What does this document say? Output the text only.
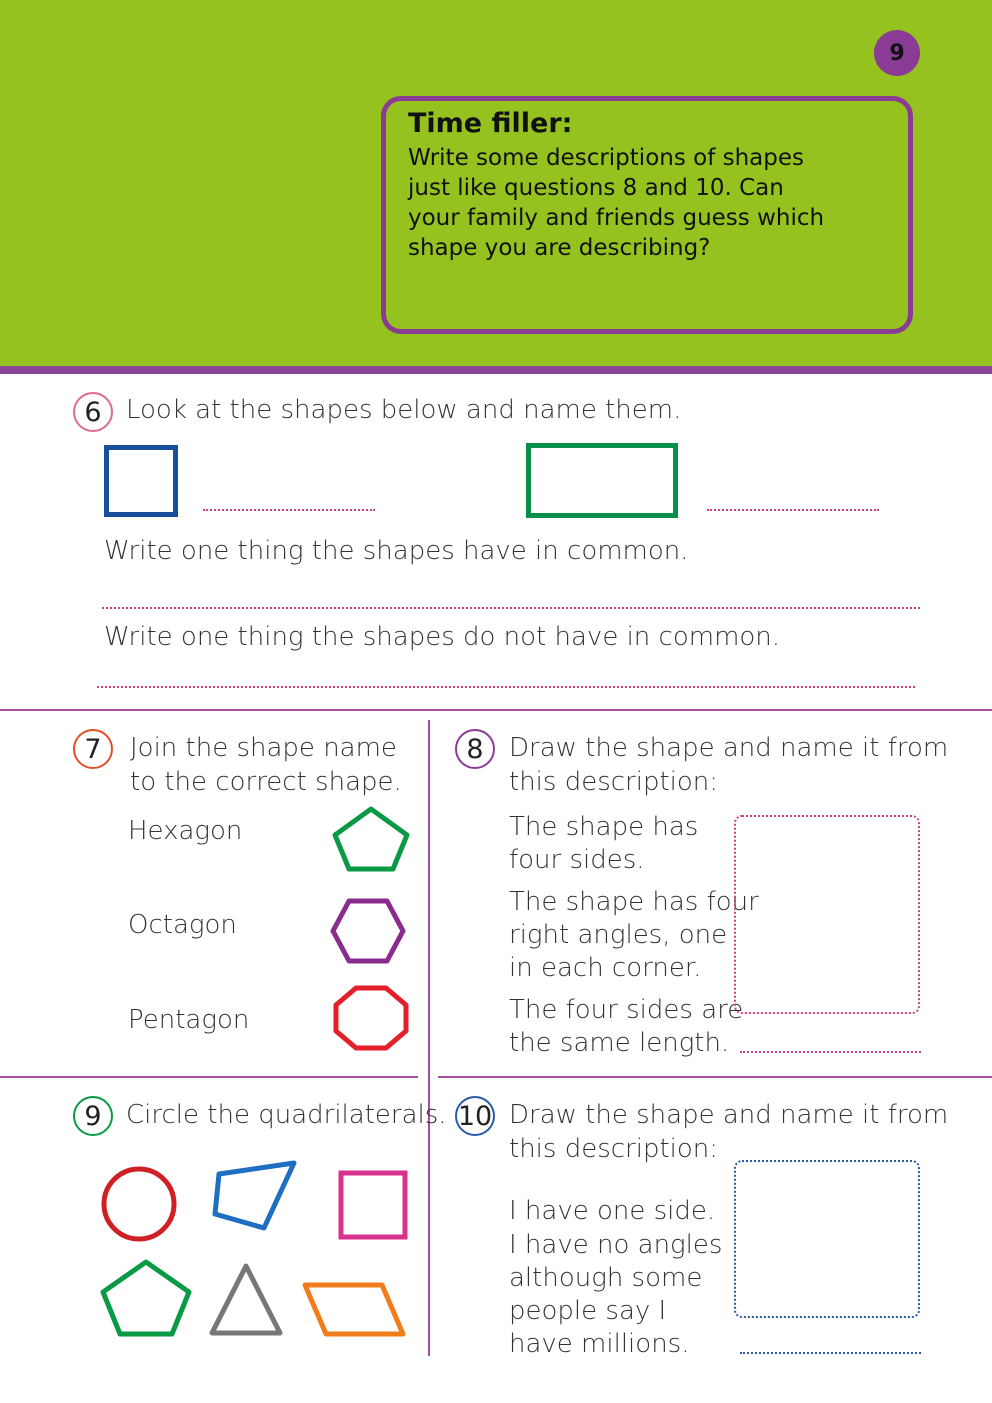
9
Time filler:
Write some descriptions of shapes
just like questions 8 and 10. Can
your family and friends guess which
shape you are describing?
6 Look at the shapes below and name them.
Write one thing the shapes have in common.
Write one thing the shapes do not have in common.
7	Join the shape name
to the correct shape.
Hexagon
Octagon
Pentagon
8 Draw the shape and name it from
this description:
The shape has
four sides.
The shape has four
right angles, one
in each corner.
The four sides are
the same length.
9 Circle the quadrilaterals. 10 Draw the shape and name it from
this description:
I have one side.
I have no angles
although some
people say I
have millions.
